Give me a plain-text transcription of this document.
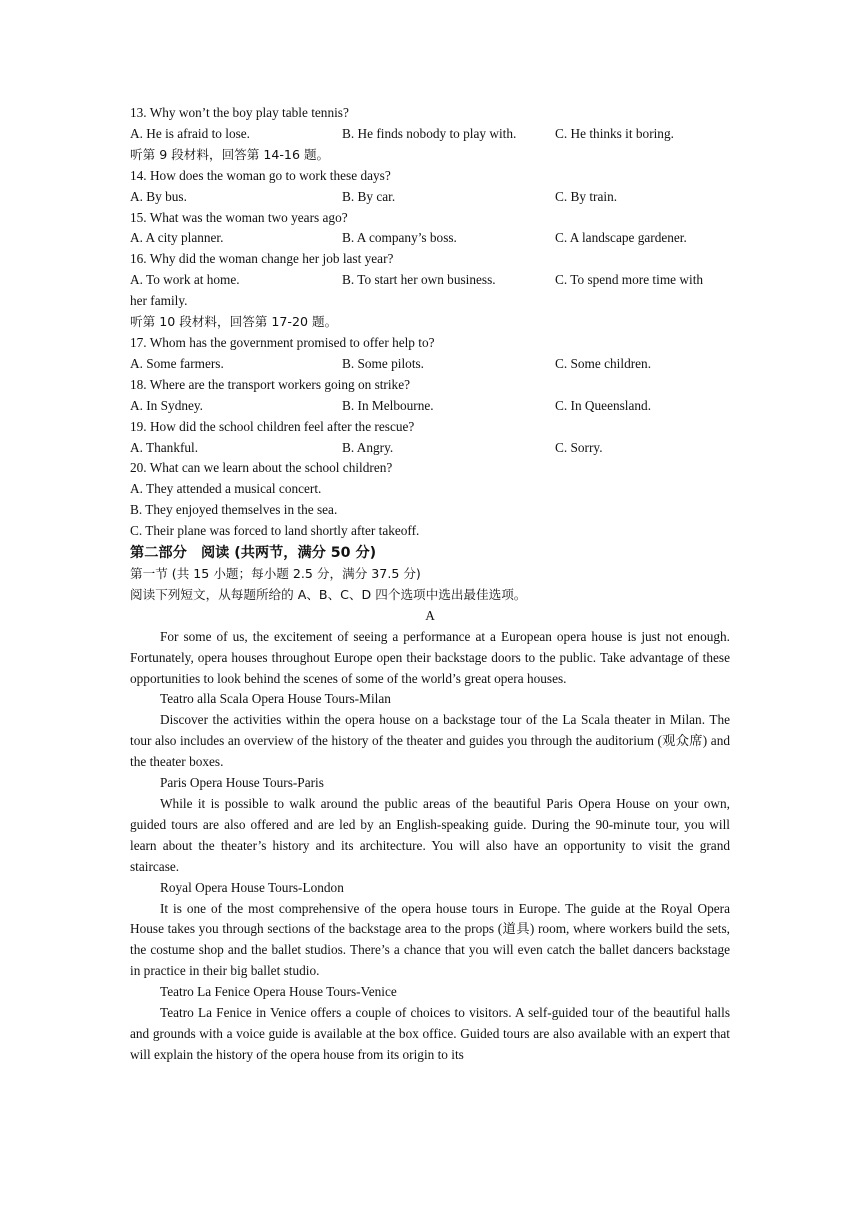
13. Why won’t the boy play table tennis?
A. He is afraid to lose.	B. He finds nobody to play with.	C. He thinks it boring.
听第 9 段材料，回答第 14-16 题。
14. How does the woman go to work these days?
A. By bus.	B. By car.	C. By train.
15. What was the woman two years ago?
A. A city planner.	B. A company’s boss.	C. A landscape gardener.
16. Why did the woman change her job last year?
A. To work at home.	B. To start her own business.	C. To spend more time with
her family.
听第 10 段材料，回答第 17-20 题。
17. Whom has the government promised to offer help to?
A. Some farmers.	B. Some pilots.	C. Some children.
18. Where are the transport workers going on strike?
A. In Sydney.	B. In Melbourne.	C. In Queensland.
19. How did the school children feel after the rescue?
A. Thankful.	B. Angry.	C. Sorry.
20. What can we learn about the school children?
A. They attended a musical concert.
B. They enjoyed themselves in the sea.
C. Their plane was forced to land shortly after takeoff.
第二部分　阅读 (共两节，满分 50 分)
第一节 (共 15 小题；每小题 2.5 分，满分 37.5 分)
阅读下列短文，从每题所给的 A、B、C、D 四个选项中选出最佳选项。
A
For some of us, the excitement of seeing a performance at a European opera house is just not enough. Fortunately, opera houses throughout Europe open their backstage doors to the public. Take advantage of these opportunities to look behind the scenes of some of the world’s great opera houses.
Teatro alla Scala Opera House Tours-Milan
Discover the activities within the opera house on a backstage tour of the La Scala theater in Milan. The tour also includes an overview of the history of the theater and guides you through the auditorium (观众席) and the theater boxes.
Paris Opera House Tours-Paris
While it is possible to walk around the public areas of the beautiful Paris Opera House on your own, guided tours are also offered and are led by an English-speaking guide. During the 90-minute tour, you will learn about the theater’s history and its architecture. You will also have an opportunity to visit the grand staircase.
Royal Opera House Tours-London
It is one of the most comprehensive of the opera house tours in Europe. The guide at the Royal Opera House takes you through sections of the backstage area to the props (道具) room, where workers build the sets, the costume shop and the ballet studios. There’s a chance that you will even catch the ballet dancers backstage in practice in their big ballet studio.
Teatro La Fenice Opera House Tours-Venice
Teatro La Fenice in Venice offers a couple of choices to visitors. A self-guided tour of the beautiful halls and grounds with a voice guide is available at the box office. Guided tours are also available with an expert that will explain the history of the opera house from its origin to its
